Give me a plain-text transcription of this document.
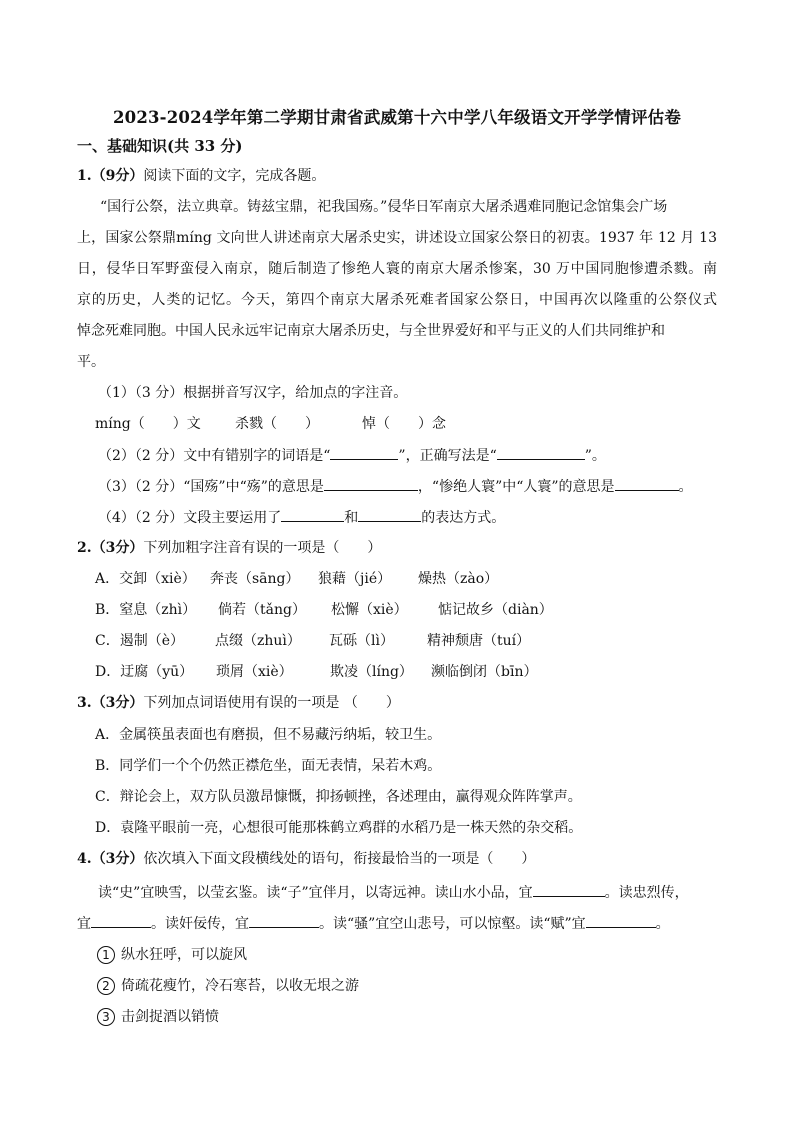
2023-2024学年第二学期甘肃省武威第十六中学八年级语文开学学情评估卷
一、基础知识(共 33 分)
1.（9分）阅读下面的文字，完成各题。
“国行公祭，法立典章。铸兹宝鼎，祀我国殇。”侵华日军南京大屠杀遇难同胞记念馆集会广场
上，国家公祭鼎míng 文向世人讲述南京大屠杀史实，讲述设立国家公祭日的初衷。1937 年 12 月 13
日，侵华日军野蛮侵入南京，随后制造了惨绝人寰的南京大屠杀惨案，30 万中国同胞惨遭杀戮。南
京的历史，人类的记忆。今天，第四个南京大屠杀死难者国家公祭日，中国再次以隆重的公祭仪式
悼念死难同胞。中国人民永远牢记南京大屠杀历史，与全世界爱好和平与正义的人们共同维护和
平。
（1）（3 分）根据拼音写汉字，给加点的字注音。
míng（　　）文 杀戮（　　）	悼（　　）念
（2）（2 分）文中有错别字的词语是“	”，正确写法是“	”。
（3）（2 分）“国殇”中“殇”的意思是	，“惨绝人寰”中“人寰”的意思是	。
（4）（2 分）文段主要运用了	和	的表达方式。
2.（3分）下列加粗字注音有误的一项是（　　）
A．交卸（xiè） 奔丧（sāng） 狼藉（jié） 燥热（zào）
B．窒息（zhì） 倘若（tǎng） 松懈（xiè） 惦记故乡（diàn）
C．遏制（è） 点缀（zhuì） 瓦砾（lì） 精神颓唐（tuí）
D．迂腐（yū） 琐屑（xiè）	欺凌（líng） 濒临倒闭（bīn）
3.（3分）下列加点词语使用有误的一项是 （　　）
A．金属筷虽表面也有磨损，但不易藏污纳垢，较卫生。
B．同学们一个个仍然正襟危坐，面无表情，呆若木鸡。
C．辩论会上，双方队员激昂慷慨，抑扬顿挫，各述理由，赢得观众阵阵掌声。
D．袁隆平眼前一亮，心想很可能那株鹤立鸡群的水稻乃是一株天然的杂交稻。
4.（3分）依次填入下面文段横线处的语句，衔接最恰当的一项是（　　）
读“史”宜映雪，以莹玄鉴。读“子”宜伴月，以寄远神。读山水小品，宜	。读忠烈传，
宜	。读奸佞传，宜	。读“骚”宜空山悲号，可以惊壑。读“赋”宜	。
1 纵水狂呼，可以旋风
2 倚疏花瘦竹，冷石寒苔，以收无垠之游
3 击剑捉酒以销愤
